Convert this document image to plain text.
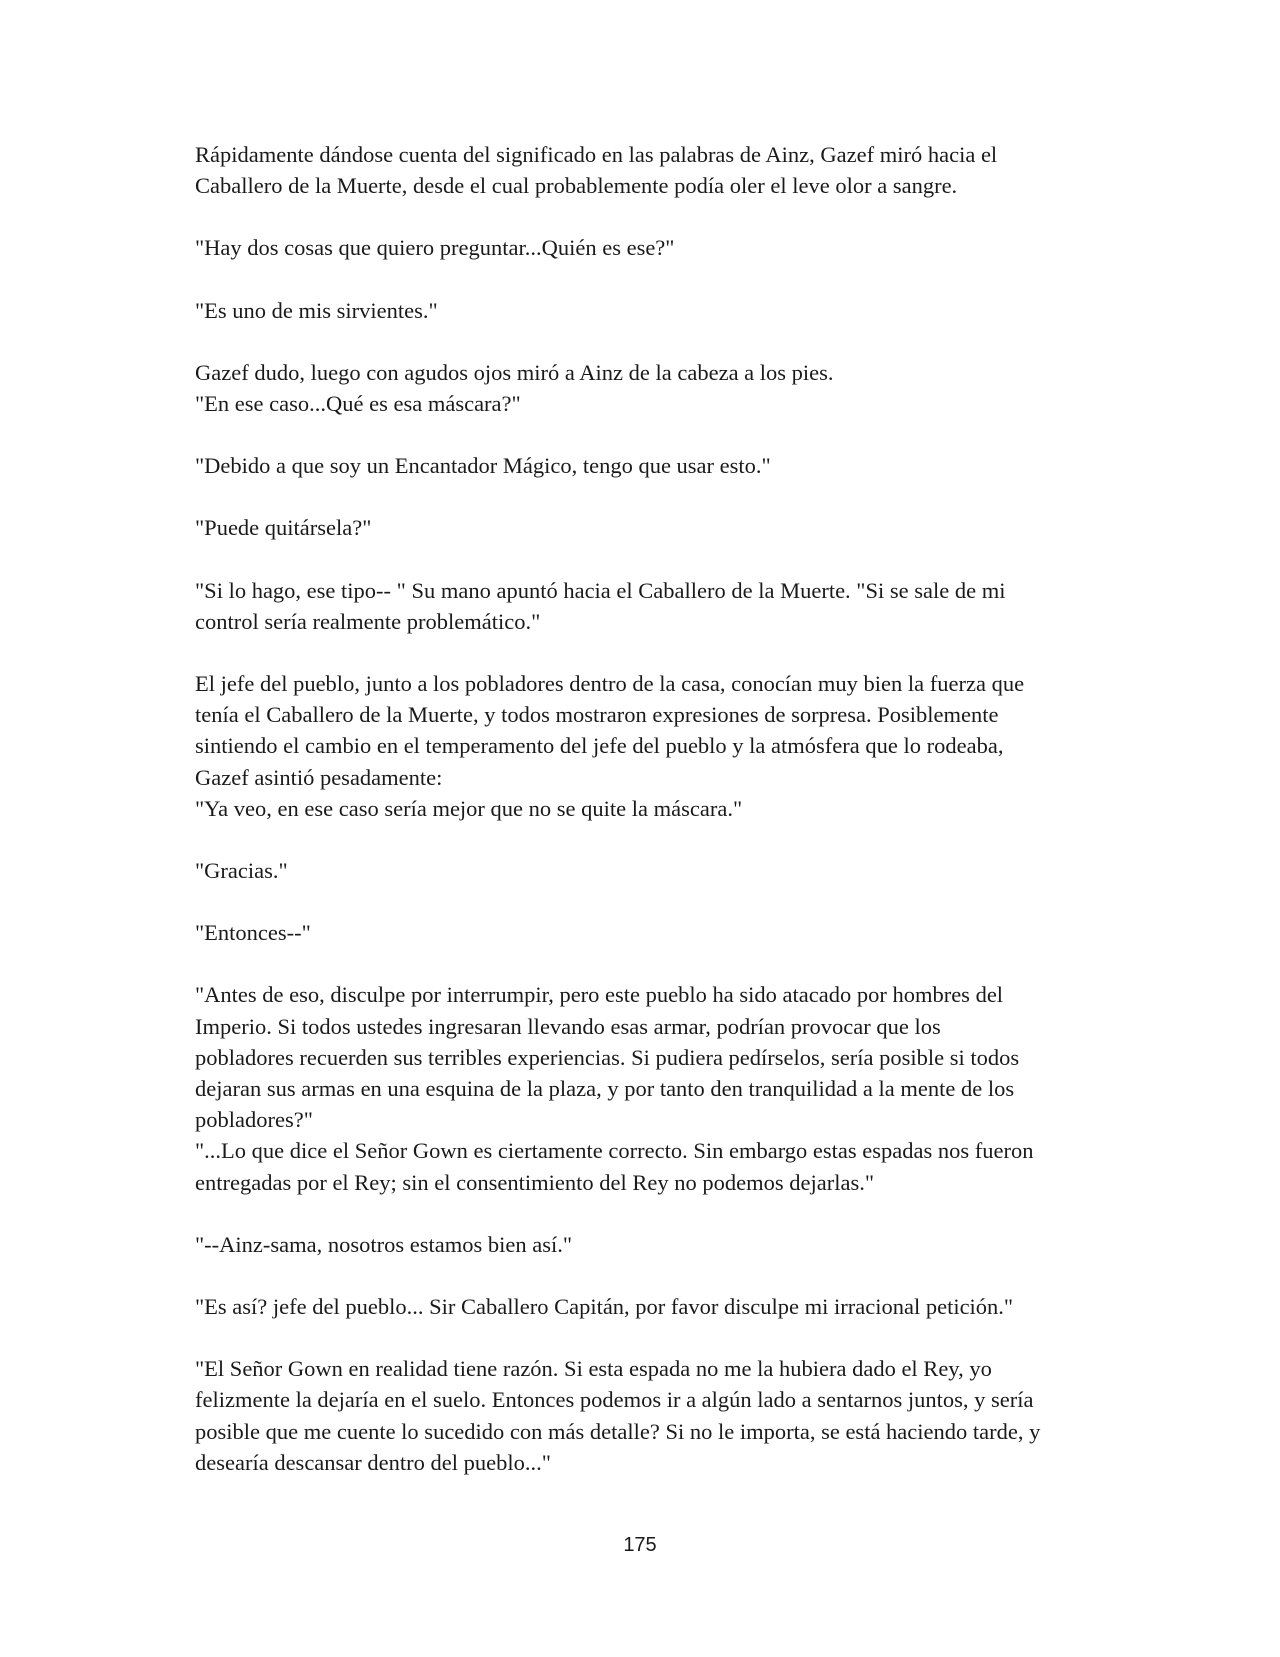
Rápidamente dándose cuenta del significado en las palabras de Ainz, Gazef miró hacia el
Caballero de la Muerte, desde el cual probablemente podía oler el leve olor a sangre.

"Hay dos cosas que quiero preguntar...Quién es ese?"

"Es uno de mis sirvientes."

Gazef dudo, luego con agudos ojos miró a Ainz de la cabeza a los pies.
"En ese caso...Qué es esa máscara?"

"Debido a que soy un Encantador Mágico, tengo que usar esto."

"Puede quitársela?"

"Si lo hago, ese tipo-- " Su mano apuntó hacia el Caballero de la Muerte. "Si se sale de mi
control sería realmente problemático."

El jefe del pueblo, junto a los pobladores dentro de la casa, conocían muy bien la fuerza que
tenía el Caballero de la Muerte, y todos mostraron expresiones de sorpresa. Posiblemente
sintiendo el cambio en el temperamento del jefe del pueblo y la atmósfera que lo rodeaba,
Gazef asintió pesadamente:
"Ya veo, en ese caso sería mejor que no se quite la máscara."

"Gracias."

"Entonces--"

"Antes de eso, disculpe por interrumpir, pero este pueblo ha sido atacado por hombres del
Imperio. Si todos ustedes ingresaran llevando esas armar, podrían provocar que los
pobladores recuerden sus terribles experiencias. Si pudiera pedírselos, sería posible si todos
dejaran sus armas en una esquina de la plaza, y por tanto den tranquilidad a la mente de los
pobladores?"
"...Lo que dice el Señor Gown es ciertamente correcto. Sin embargo estas espadas nos fueron
entregadas por el Rey; sin el consentimiento del Rey no podemos dejarlas."

"--Ainz-sama, nosotros estamos bien así."

"Es así? jefe del pueblo... Sir Caballero Capitán, por favor disculpe mi irracional petición."

"El Señor Gown en realidad tiene razón. Si esta espada no me la hubiera dado el Rey, yo
felizmente la dejaría en el suelo. Entonces podemos ir a algún lado a sentarnos juntos, y sería
posible que me cuente lo sucedido con más detalle? Si no le importa, se está haciendo tarde, y
desearía descansar dentro del pueblo..."

175
